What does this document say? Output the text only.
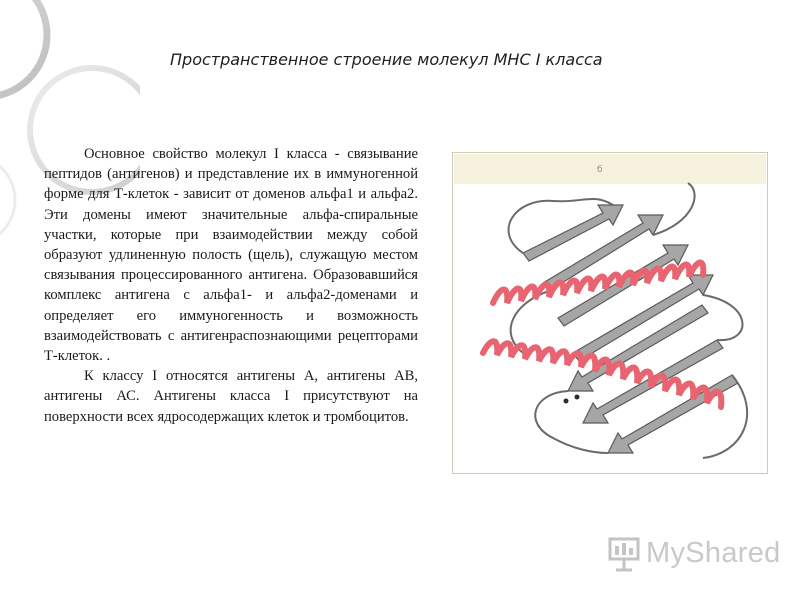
Пространственное строение молекул МНС I класса

Основное свойство молекул I класса - связывание пептидов (антигенов) и представление их в иммуногенной форме для Т-клеток - зависит от доменов альфа1 и альфа2. Эти домены имеют значительные альфа-спиральные участки, которые при взаимодействии между собой образуют удлиненную полость (щель), служащую местом связывания процессированного антигена. Образовавшийся комплекс антигена с альфа1- и альфа2-доменами и определяет его иммуногенность и возможность взаимодействовать с антигенраспознающими рецепторами Т-клеток. .

К классу I относятся антигены А, антигены АВ, антигены АС. Антигены класса I присутствуют на поверхности всех ядросодержащих клеток и тромбоцитов.

б
MyShared
